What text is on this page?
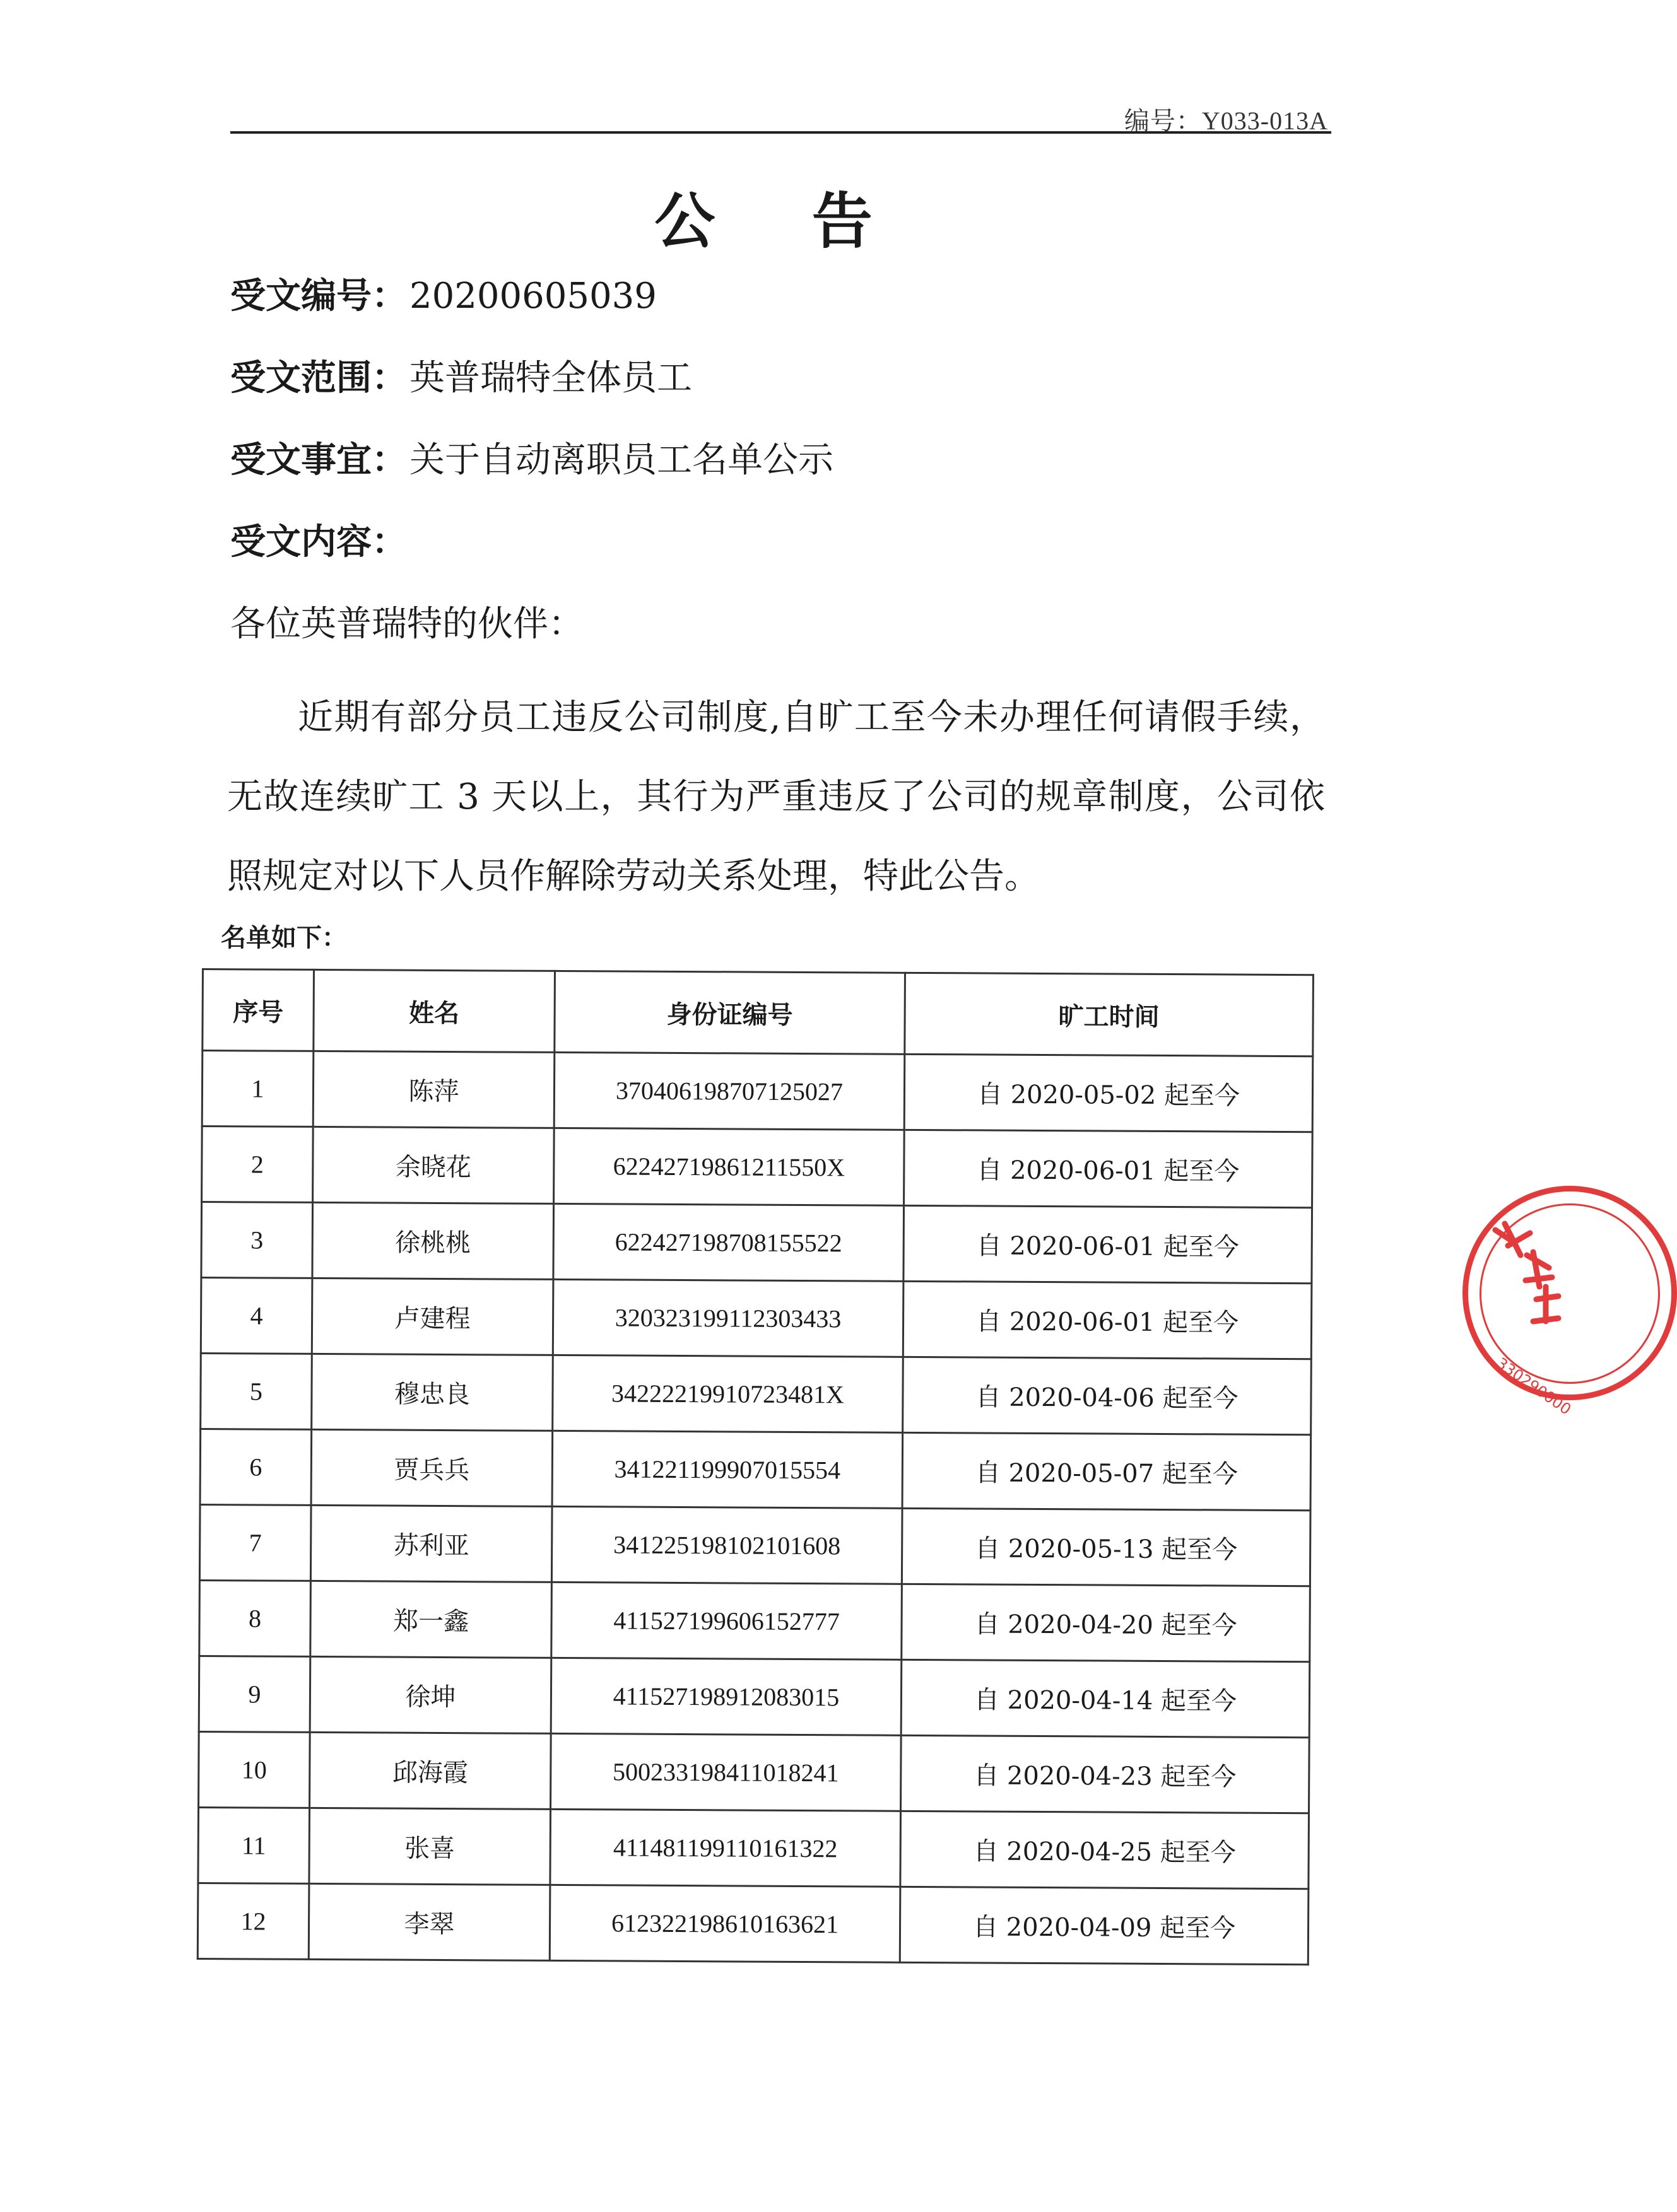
编号：Y033-013A
公 告
受文编号：20200605039
受文范围：英普瑞特全体员工
受文事宜：关于自动离职员工名单公示
受文内容：
各位英普瑞特的伙伴：
近期有部分员工违反公司制度,自旷工至今未办理任何请假手续，无故连续旷工 3 天以上，其行为严重违反了公司的规章制度，公司依照规定对以下人员作解除劳动关系处理，特此公告。
名单如下：
序号	姓名	身份证编号	旷工时间
1	陈萍	370406198707125027	自 2020-05-02 起至今
2	余晓花	62242719861211550X	自 2020-06-01 起至今
3	徐桃桃	622427198708155522	自 2020-06-01 起至今
4	卢建程	320323199112303433	自 2020-06-01 起至今
5	穆忠良	34222219910723481X	自 2020-04-06 起至今
6	贾兵兵	341221199907015554	自 2020-05-07 起至今
7	苏利亚	341225198102101608	自 2020-05-13 起至今
8	郑一鑫	411527199606152777	自 2020-04-20 起至今
9	徐坤	411527198912083015	自 2020-04-14 起至今
10	邱海霞	500233198411018241	自 2020-04-23 起至今
11	张喜	411481199110161322	自 2020-04-25 起至今
12	李翠	612322198610163621	自 2020-04-09 起至今
330290000
